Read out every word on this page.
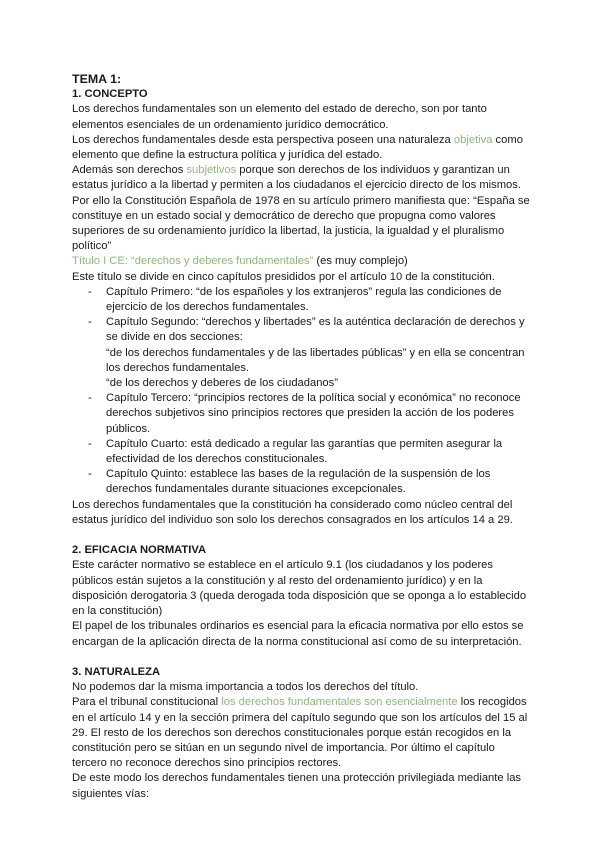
TEMA 1:

1. CONCEPTO

Los derechos fundamentales son un elemento del estado de derecho, son por tanto elementos esenciales de un ordenamiento jurídico democrático.

Los derechos fundamentales desde esta perspectiva poseen una naturaleza objetiva como elemento que define la estructura política y jurídica del estado.

Además son derechos subjetivos porque son derechos de los individuos y garantizan un estatus jurídico a la libertad y permiten a los ciudadanos el ejercicio directo de los mismos.

Por ello la Constitución Española de 1978 en su artículo primero manifiesta que: “España se constituye en un estado social y democrático de derecho que propugna como valores superiores de su ordenamiento jurídico la libertad, la justicia, la igualdad y el pluralismo político”

Título I CE: “derechos y deberes fundamentales” (es muy complejo)

Este título se divide en cinco capítulos presididos por el artículo 10 de la constitución.

- Capítulo Primero: “de los españoles y los extranjeros” regula las condiciones de ejercicio de los derechos fundamentales.
- Capítulo Segundo: “derechos y libertades” es la auténtica declaración de derechos y se divide en dos secciones:
“de los derechos fundamentales y de las libertades públicas” y en ella se concentran los derechos fundamentales.
“de los derechos y deberes de los ciudadanos”
- Capítulo Tercero: “principios rectores de la política social y económica” no reconoce derechos subjetivos sino principios rectores que presiden la acción de los poderes públicos.
- Capítulo Cuarto: está dedicado a regular las garantías que permiten asegurar la efectividad de los derechos constitucionales.
- Capítulo Quinto: establece las bases de la regulación de la suspensión de los derechos fundamentales durante situaciones excepcionales.

Los derechos fundamentales que la constitución ha considerado como núcleo central del estatus jurídico del individuo son solo los derechos consagrados en los artículos 14 a 29.

2. EFICACIA NORMATIVA

Este carácter normativo se establece en el artículo 9.1 (los ciudadanos y los poderes públicos están sujetos a la constitución y al resto del ordenamiento jurídico) y en la disposición derogatoria 3 (queda derogada toda disposición que se oponga a lo establecido en la constitución)

El papel de los tribunales ordinarios es esencial para la eficacia normativa por ello estos se encargan de la aplicación directa de la norma constitucional así como de su interpretación.

3. NATURALEZA

No podemos dar la misma importancia a todos los derechos del título.

Para el tribunal constitucional los derechos fundamentales son esencialmente los recogidos en el artículo 14 y en la sección primera del capítulo segundo que son los artículos del 15 al 29. El resto de los derechos son derechos constitucionales porque están recogidos en la constitución pero se sitúan en un segundo nivel de importancia. Por último el capítulo tercero no reconoce derechos sino principios rectores.

De este modo los derechos fundamentales tienen una protección privilegiada mediante las siguientes vías:
